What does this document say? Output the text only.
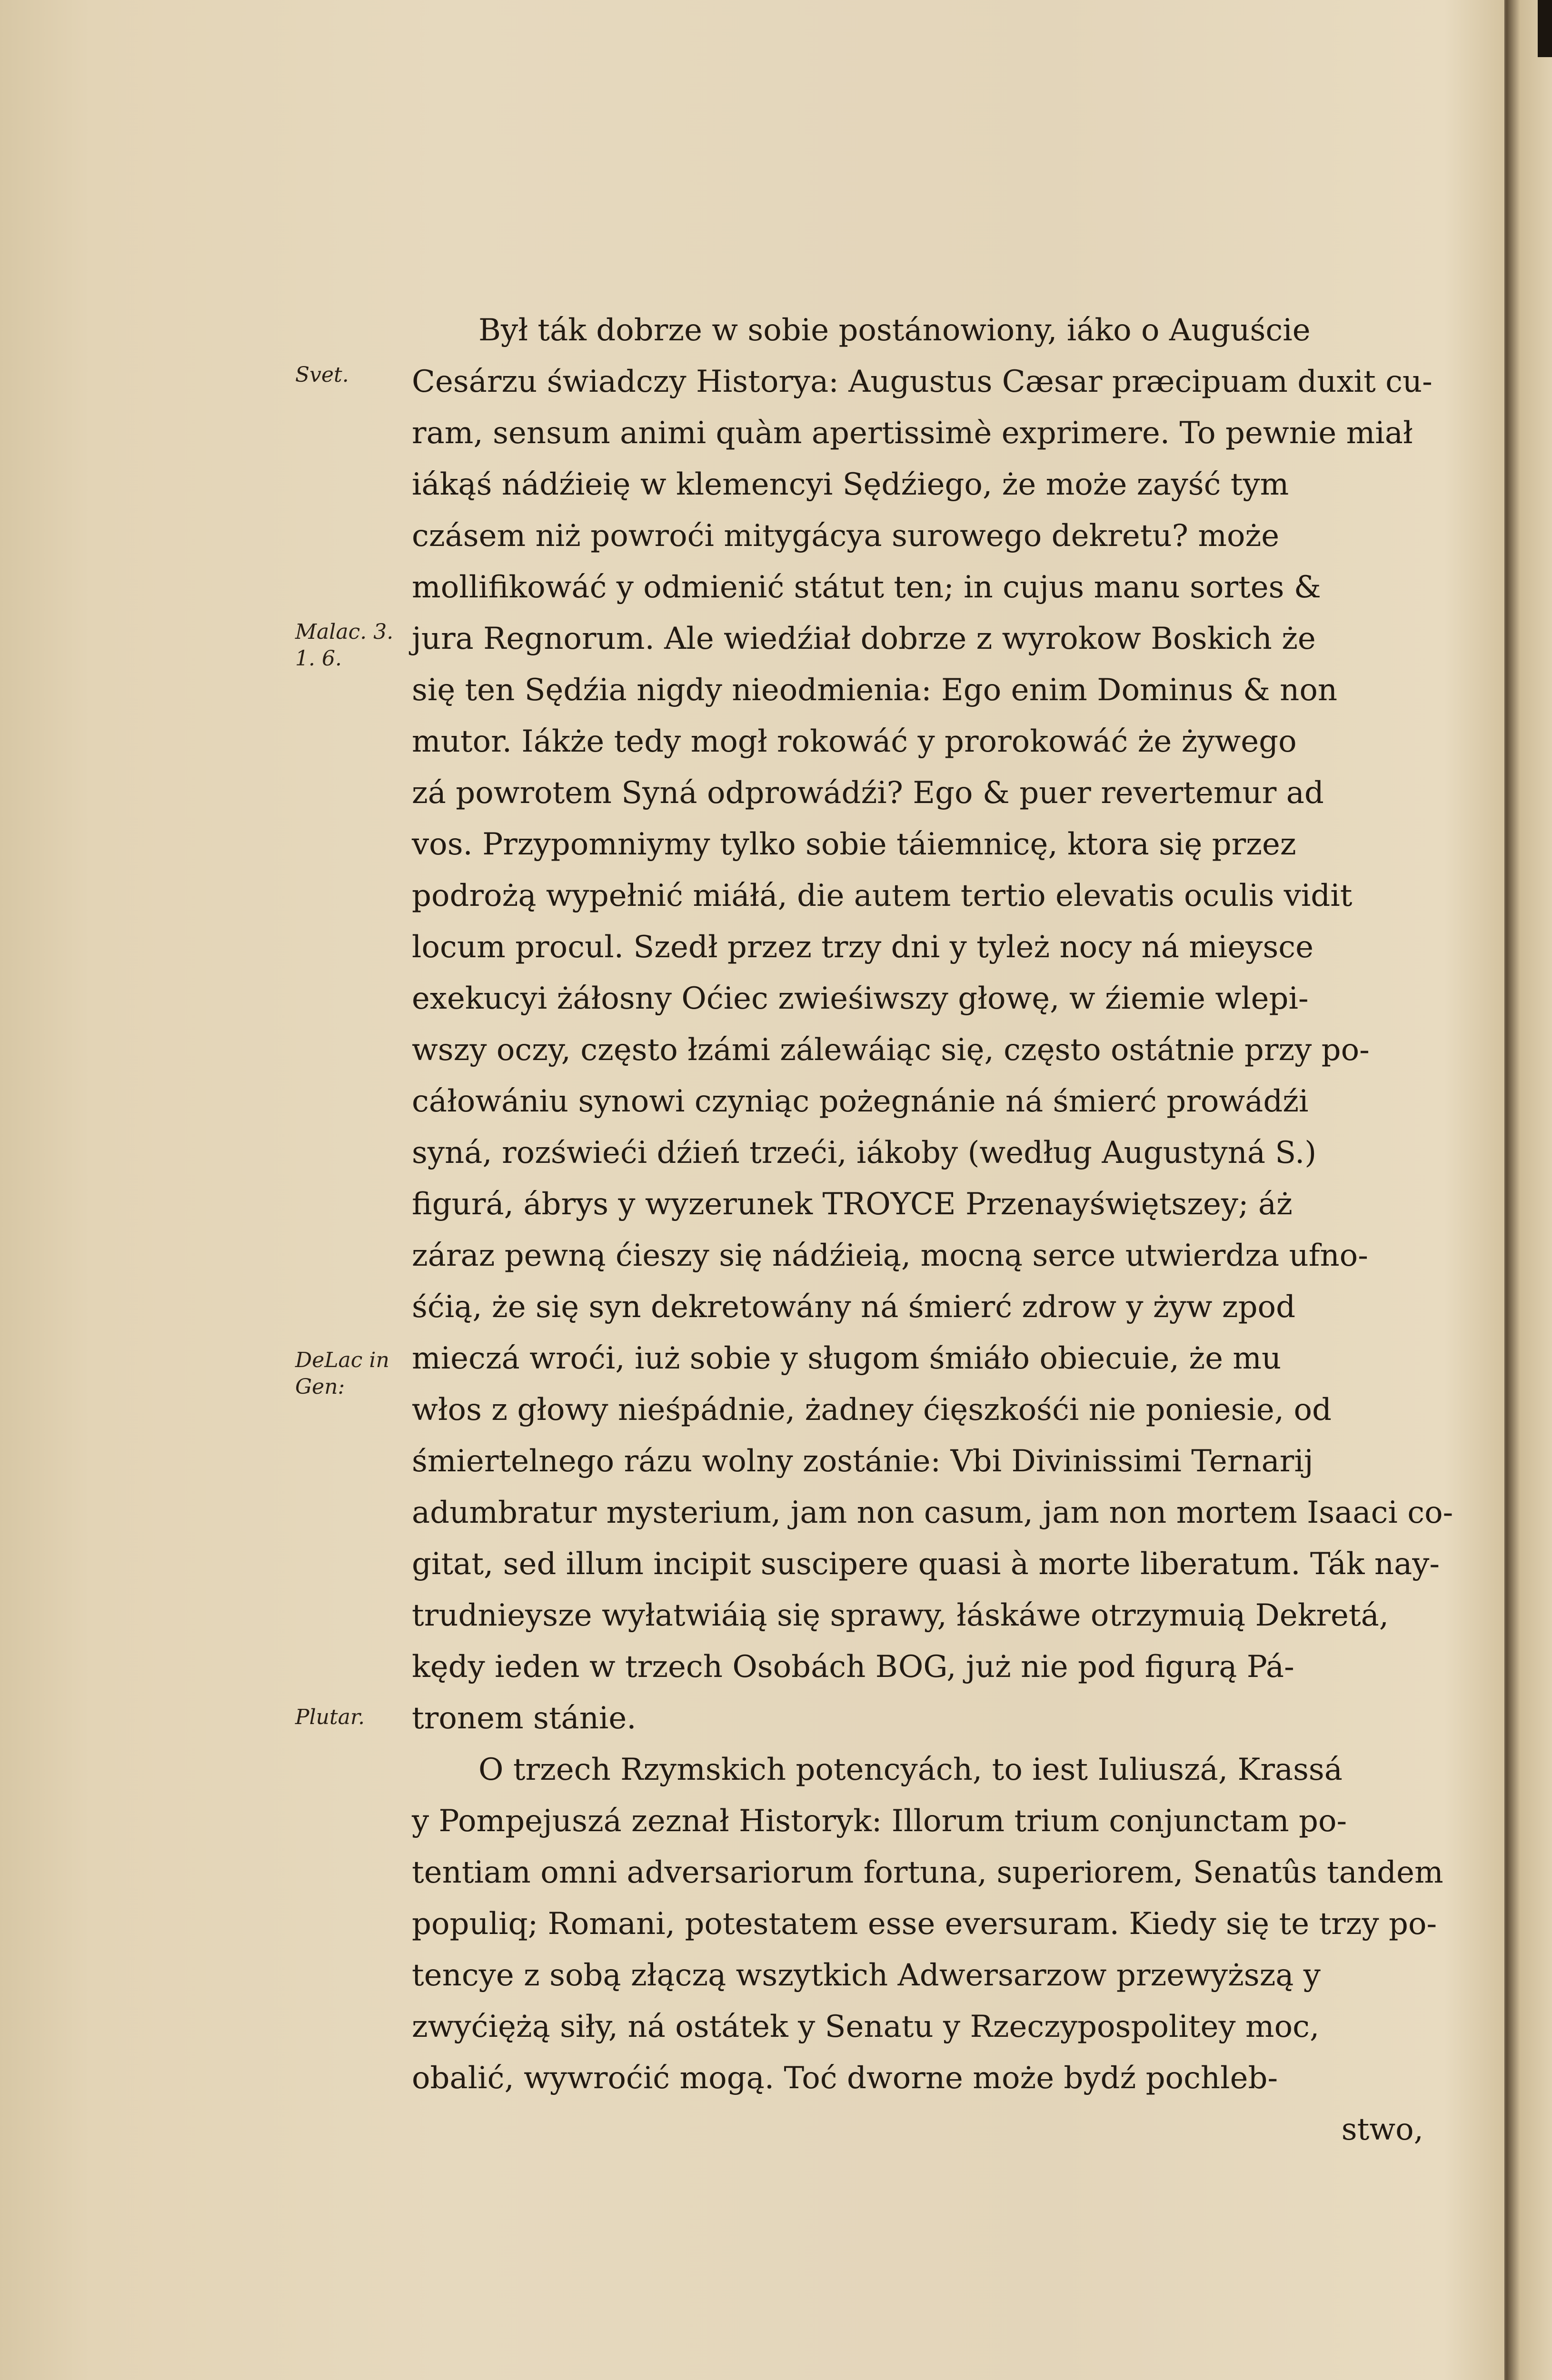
Svet.
Malac. 3. 1. 6.
DeLac in Gen:
Plutar.
Był ták dobrze w sobie postánowiony, iáko o Auguście
Cesárzu świadczy Historya: Augustus Cæsar præcipuam duxit cu-
ram, sensum animi quàm apertissimè exprimere. To pewnie miał
iákąś nádźieię w klemencyi Sędźiego, że może zayść tym
czásem niż powroći mitygácya surowego dekretu? może
mollifikowáć y odmienić státut ten; in cujus manu sortes &
jura Regnorum. Ale wiedźiał dobrze z wyrokow Boskich że
się ten Sędźia nigdy nieodmienia: Ego enim Dominus & non
mutor. Iákże tedy mogł rokowáć y prorokowáć że żywego
zá powrotem Syná odprowádźi? Ego & puer revertemur ad
vos. Przypomniymy tylko sobie táiemnicę, ktora się przez
podrożą wypełnić miáłá, die autem tertio elevatis oculis vidit
locum procul. Szedł przez trzy dni y tyleż nocy ná mieysce
exekucyi żáłosny Oćiec zwieśiwszy głowę, w źiemie wlepi-
wszy oczy, często łzámi zálewáiąc się, często ostátnie przy po-
cáłowániu synowi czyniąc pożegnánie ná śmierć prowádźi
syná, rozświeći dźień trzeći, iákoby (według Augustyná S.)
figurá, ábrys y wyzerunek TROYCE Przenayświętszey; áż
záraz pewną ćieszy się nádźieią, mocną serce utwierdza ufno-
śćią, że się syn dekretowány ná śmierć zdrow y żyw zpod
mieczá wroći, iuż sobie y sługom śmiáło obiecuie, że mu
włos z głowy nieśpádnie, żadney ćięszkośći nie poniesie, od
śmiertelnego rázu wolny zostánie: Vbi Divinissimi Ternarij
adumbratur mysterium, jam non casum, jam non mortem Isaaci co-
gitat, sed illum incipit suscipere quasi à morte liberatum. Ták nay-
trudnieysze wyłatwiáią się sprawy, łáskáwe otrzymuią Dekretá,
kędy ieden w trzech Osobách BOG, już nie pod figurą Pá-
tronem stánie.
O trzech Rzymskich potencyách, to iest Iuliuszá, Krassá
y Pompejuszá zeznał Historyk: Illorum trium conjunctam po-
tentiam omni adversariorum fortuna, superiorem, Senatûs tandem
populiq; Romani, potestatem esse eversuram. Kiedy się te trzy po-
tencye z sobą złączą wszytkich Adwersarzow przewyższą y
zwyćiężą siły, ná ostátek y Senatu y Rzeczypospolitey moc,
obalić, wywroćić mogą. Toć dworne może bydź pochleb-
stwo,
